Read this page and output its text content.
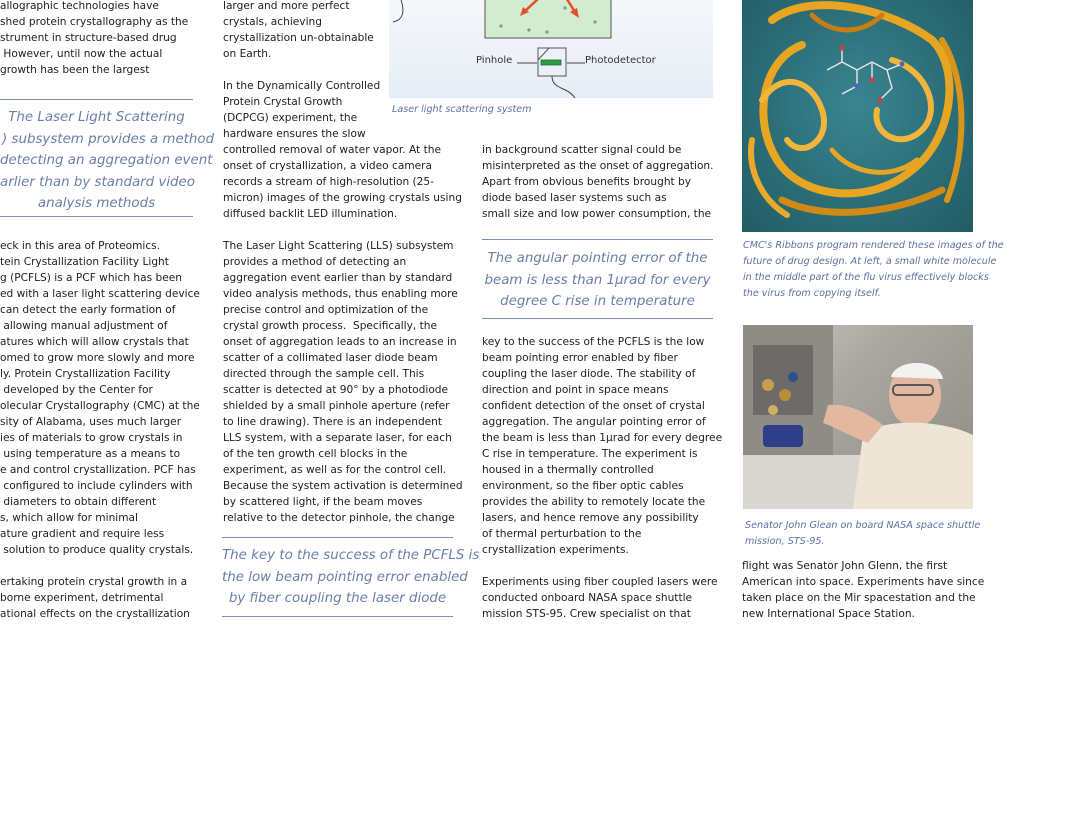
allographic technologies have

shed protein crystallography as the

strument in structure-based drug

However, until now the actual

growth has been the largest

The Laser Light Scattering

) subsystem provides a method

detecting an aggregation event

arlier than by standard video

analysis methods

eck in this area of Proteomics.

tein Crystallization Facility Light

g (PCFLS) is a PCF which has been

ed with a laser light scattering device

can detect the early formation of

allowing manual adjustment of

atures which will allow crystals that

omed to grow more slowly and more

ly. Protein Crystallization Facility

developed by the Center for

olecular Crystallography (CMC) at the

sity of Alabama, uses much larger

ies of materials to grow crystals in

using temperature as a means to

e and control crystallization. PCF has

configured to include cylinders with

diameters to obtain different

s, which allow for minimal

ature gradient and require less

solution to produce quality crystals.

ertaking protein crystal growth in a

borne experiment, detrimental

ational effects on the crystallization

larger and more perfect

crystals, achieving

crystallization un-obtainable

on Earth.

In the Dynamically Controlled

Protein Crystal Growth

(DCPCG) experiment, the

hardware ensures the slow

controlled removal of water vapor. At the

onset of crystallization, a video camera

records a stream of high-resolution (25-

micron) images of the growing crystals using

diffused backlit LED illumination.

The Laser Light Scattering (LLS) subsystem

provides a method of detecting an

aggregation event earlier than by standard

video analysis methods, thus enabling more

precise control and optimization of the

crystal growth process.  Specifically, the

onset of aggregation leads to an increase in

scatter of a collimated laser diode beam

directed through the sample cell. This

scatter is detected at 90° by a photodiode

shielded by a small pinhole aperture (refer

to line drawing). There is an independent

LLS system, with a separate laser, for each

of the ten growth cell blocks in the

experiment, as well as for the control cell.

Because the system activation is determined

by scattered light, if the beam moves

relative to the detector pinhole, the change

The key to the success of the PCFLS is

the low beam pointing error enabled

by fiber coupling the laser diode

Pinhole	Photodetector

Laser light scattering system

in background scatter signal could be

misinterpreted as the onset of aggregation.

Apart from obvious benefits brought by

diode based laser systems such as

small size and low power consumption, the

The angular pointing error of the

beam is less than 1µrad for every

degree C rise in temperature

key to the success of the PCFLS is the low

beam pointing error enabled by fiber

coupling the laser diode. The stability of

direction and point in space means

confident detection of the onset of crystal

aggregation. The angular pointing error of

the beam is less than 1µrad for every degree

C rise in temperature. The experiment is

housed in a thermally controlled

environment, so the fiber optic cables

provides the ability to remotely locate the

lasers, and hence remove any possibility

of thermal perturbation to the

crystallization experiments.

Experiments using fiber coupled lasers were

conducted onboard NASA space shuttle

mission STS-95. Crew specialist on that

CMC's Ribbons program rendered these images of the

future of drug design. At left, a small white molecule

in the middle part of the flu virus effectively blocks

the virus from copying itself.

Senator John Glean on board NASA space shuttle

mission, STS-95.

flight was Senator John Glenn, the first

American into space. Experiments have since

taken place on the Mir spacestation and the

new International Space Station.
